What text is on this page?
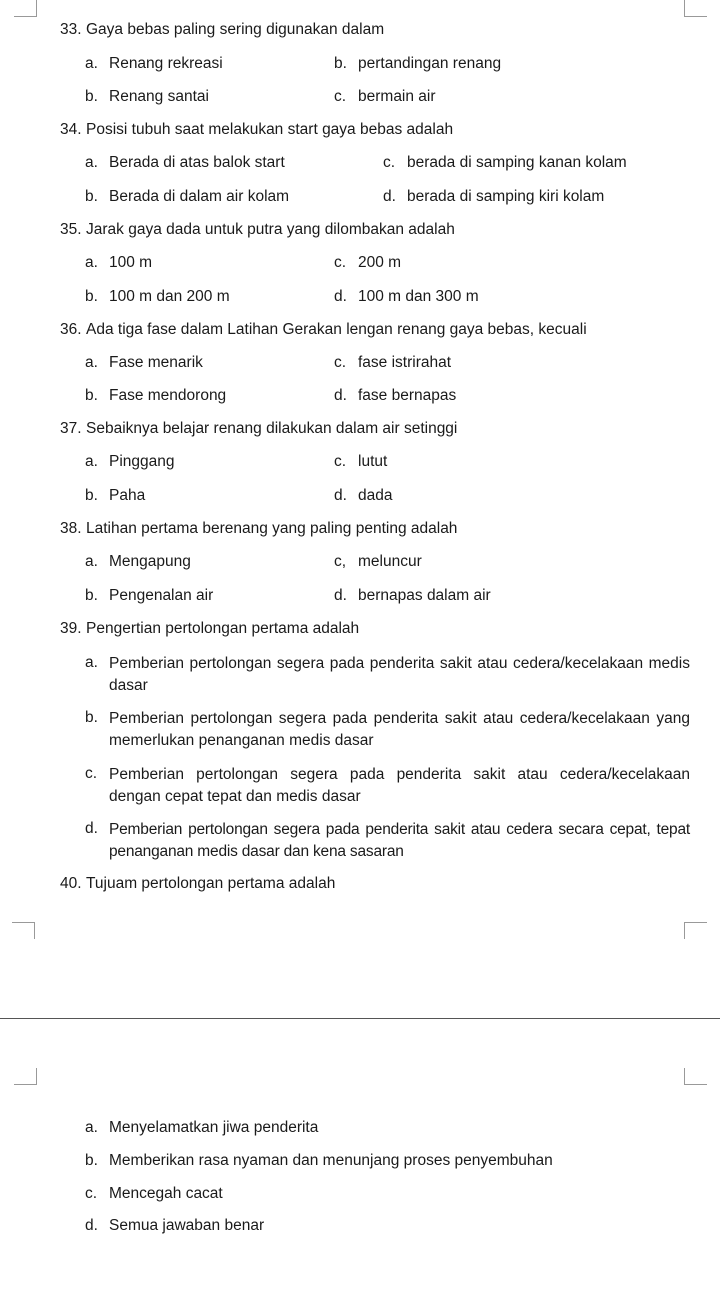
33. Gaya bebas paling sering digunakan dalam
a. Renang rekreasi	b. pertandingan renang
b. Renang santai	c. bermain air
34. Posisi tubuh saat melakukan start gaya bebas adalah
a. Berada di atas balok start	c. berada di samping kanan kolam
b. Berada di dalam air kolam	d. berada di samping kiri kolam
35. Jarak gaya dada untuk putra yang dilombakan adalah
a. 100 m	c. 200 m
b. 100 m dan 200 m	d. 100 m dan 300 m
36. Ada tiga fase dalam Latihan Gerakan lengan renang gaya bebas, kecuali
a. Fase menarik	c. fase istrirahat
b. Fase mendorong	d. fase bernapas
37. Sebaiknya belajar renang dilakukan dalam air setinggi
a. Pinggang	c. lutut
b. Paha	d. dada
38. Latihan pertama berenang yang paling penting adalah
a. Mengapung	c, meluncur
b. Pengenalan air	d. bernapas dalam air
39. Pengertian pertolongan pertama adalah
a. Pemberian pertolongan segera pada penderita sakit atau cedera/kecelakaan medis dasar
b. Pemberian pertolongan segera pada penderita sakit atau cedera/kecelakaan yang memerlukan penanganan medis dasar
c. Pemberian pertolongan segera pada penderita sakit atau cedera/kecelakaan dengan cepat tepat dan medis dasar
d. Pemberian pertolongan segera pada penderita sakit atau cedera secara cepat, tepat penanganan medis dasar dan kena sasaran
40. Tujuam pertolongan pertama adalah
a. Menyelamatkan jiwa penderita
b. Memberikan rasa nyaman dan menunjang proses penyembuhan
c. Mencegah cacat
d. Semua jawaban benar
